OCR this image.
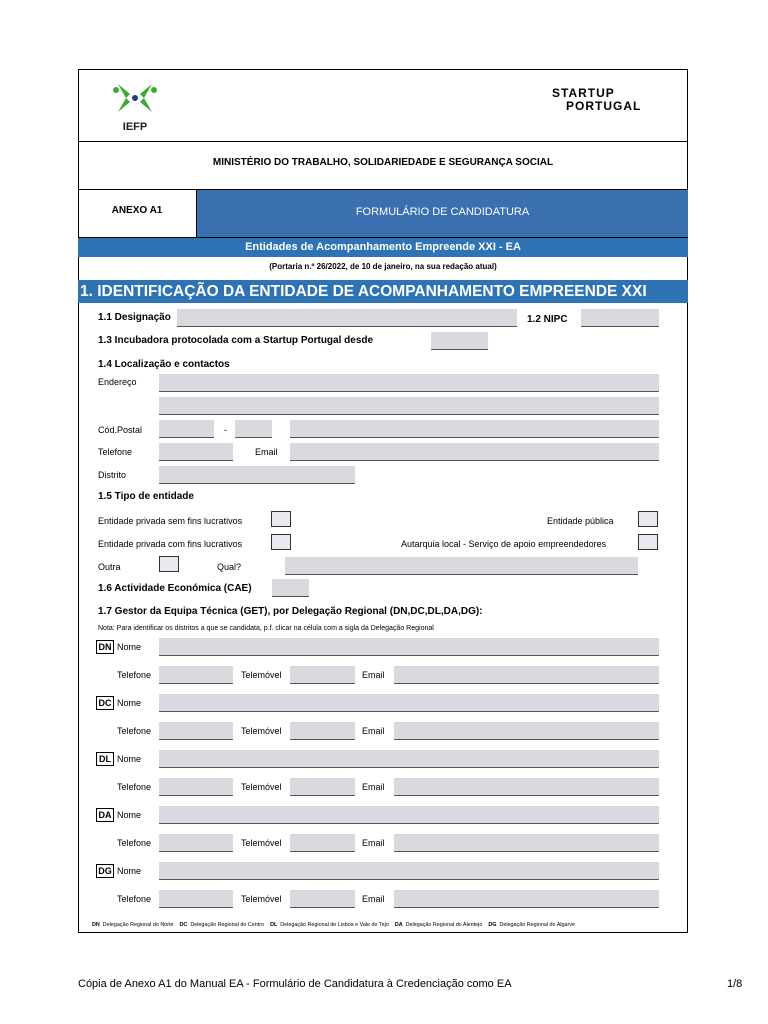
IEFP
STARTUP
PORTUGAL
MINISTÉRIO DO TRABALHO, SOLIDARIEDADE E SEGURANÇA SOCIAL
ANEXO A1	FORMULÁRIO DE CANDIDATURA
Entidades de Acompanhamento Empreende XXI - EA
(Portaria n.º 26/2022, de 10 de janeiro, na sua redação atual)
1. IDENTIFICAÇÃO DA ENTIDADE DE ACOMPANHAMENTO EMPREENDE XXI
1.1 Designação	1.2 NIPC
1.3 Incubadora protocolada com a Startup Portugal desde
1.4 Localização e contactos
Endereço
Cód.Postal	-
Telefone	Email
Distrito
1.5 Tipo de entidade
Entidade privada sem fins lucrativos	Entidade pública
Entidade privada com fins lucrativos	Autarquia local - Serviço de apoio empreendedores
Outra	Qual?
1.6 Actividade Económica (CAE)
1.7 Gestor da Equipa Técnica (GET), por Delegação Regional (DN,DC,DL,DA,DG):
Nota: Para identificar os distritos a que se candidata, p.f. clicar na célula com a sigla da Delegação Regional
DN Nome
Telefone	Telemóvel	Email
DC Nome
Telefone	Telemóvel	Email
DL Nome
Telefone	Telemóvel	Email
DA Nome
Telefone	Telemóvel	Email
DG Nome
Telefone	Telemóvel	Email
DN Delegação Regional do Norte DC Delegação Regional do Centro DL Delegação Regional de Lisboa e Vale do Tejo DA Delegação Regional do Alentejo DG Delegação Regional do Algarve
Cópia de Anexo A1 do Manual EA - Formulário de Candidatura à Credenciação como EA	1/8
